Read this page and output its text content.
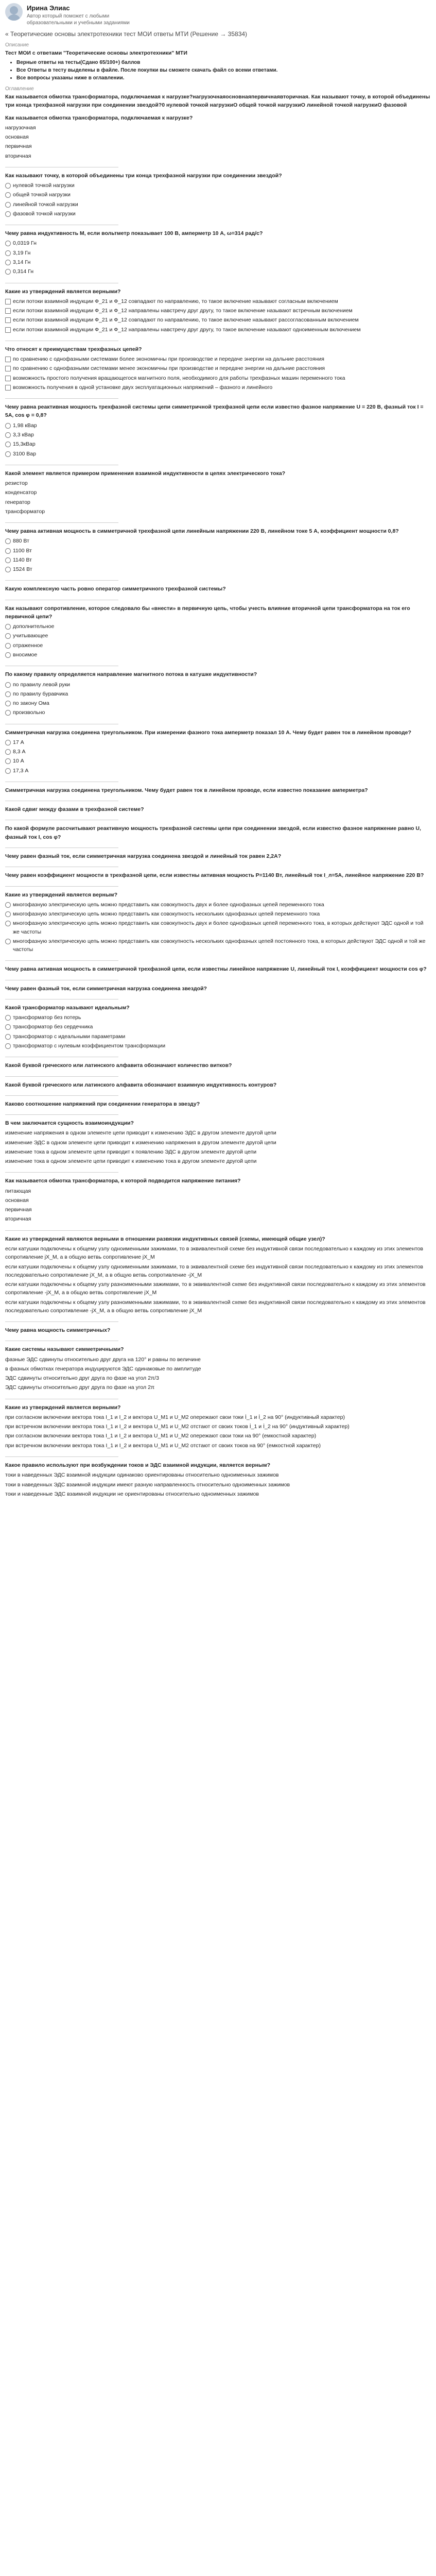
Ирина Элиас
Автор который поможет с любыми образовательными и учебными заданиями
« Теоретические основы электротехники тест МОИ ответы МТИ (Решение → 35834)
Описание
Тест МОИ с ответами "Теоретические основы электротехники" МТИ
• Верные ответы на тесты(Сдано 65/100+) баллов
• Все Ответы в тесту выделены в файле. После покупки вы сможете скачать файл со всеми ответами.
• Все вопросы указаны ниже в оглавлении.
Оглавление
Как называется обмотка трансформатора, подключаемая к нагрузке?нагрузочнаяосновнаяпервичнаявторичная. Как называют точку, в которой объединены три конца трехфазной нагрузки при соединении звездой?0 нулевой точкой нагрузкиО общей точкой нагрузкиО линейной точкой нагрузкиО фазовой
Как называется обмотка трансформатора, подключаемая к нагрузке?
нагрузочная
основная
первичная
вторичная
Как называют точку, в которой объединены три конца трехфазной нагрузки при соединении звездой?
нулевой точкой нагрузки
общей точкой нагрузки
линейной точкой нагрузки
фазовой точкой нагрузки
Чему равна индуктивность М, если вольтметр показывает 100 В, амперметр 10 А, ω=314 рад/с?
0,0319 Гн
3,19 Гн
3,14 Гн
0,314 Гн
Какие из утверждений является верными?
если потоки взаимной индукции Ф_21 и Ф_12 совпадают по направлению, то такое включение называют согласным включением
если потоки взаимной индукции Ф_21 и Ф_12 направлены навстречу друг другу, то такое включение называют встречным включением
если потоки взаимной индукции Ф_21 и Ф_12 совпадают по направлению, то такое включение называют рассогласованным включением
если потоки взаимной индукции Ф_21 и Ф_12 направлены навстречу друг другу, то такое включение называют одноименным включением
Что относят к преимуществам трехфазных цепей?
по сравнению с однофазными системами более экономичны при производстве и передаче энергии на дальние расстояния
по сравнению с однофазными системами менее экономичны при производстве и передаче энергии на дальние расстояния
возможность простого получения вращающегося магнитного поля, необходимого для работы трехфазных машин переменного тока
возможность получения в одной установке двух эксплуатационных напряжений – фазного и линейного
Чему равна реактивная мощность трехфазной системы цепи симметричной трехфазной цепи если известно фазное напряжение U = 220 В, фазный ток I = 5А, cos φ = 0,8?
1,98 кВар
3,3 кВар
15,3кВар
3100 Вар
Какой элемент является примером применения взаимной индуктивности в цепях электрического тока?
резистор
конденсатор
генератор
трансформатор
Чему равна активная мощность в симметричной трехфазной цепи линейным напряжении 220 В, линейном токе 5 А, коэффициент мощности 0,8?
880 Вт
1100 Вт
1140 Вт
1524 Вт
Какую комплексную часть ровно оператор симметричного трехфазной системы?
Как называют сопротивление, которое следовало бы «внести» в первичную цепь, чтобы учесть влияние вторичной цепи трансформатора на ток его первичной цепи?
дополнительное
учитывающее
отраженное
вносимое
По какому правилу определяется направление магнитного потока в катушке индуктивности?
по правилу левой руки
по правилу буравчика
по закону Ома
произвольно
Симметричная нагрузка соединена треугольником. При измерении фазного тока амперметр показал 10 А. Чему будет равен ток в линейном проводе?
17 А
8,3 А
10 А
17,3 А
Симметричная нагрузка соединена треугольником. Чему будет равен ток в линейном проводе, если известно показание амперметра?
Какой сдвиг между фазами в трехфазной системе?
По какой формуле рассчитывают реактивную мощность трехфазной системы цепи при соединении звездой, если известно фазное напряжение равно U, фазный ток I, cos φ?
Чему равен фазный ток, если симметричная нагрузка соединена звездой и линейный ток равен 2,2А?
Чему равен коэффициент мощности в трехфазной цепи, если известны активная мощность P=1140 Вт, линейный ток I_л=5А, линейное напряжение 220 В?
Какие из утверждений является верным?
многофазную электрическую цепь можно представить как совокупность двух и более однофазных цепей переменного тока
многофазную электрическую цепь можно представить как совокупность нескольких однофазных цепей переменного тока
многофазную электрическую цепь можно представить как совокупность двух и более однофазных цепей переменного тока, в которых действуют ЭДС одной и той же частоты
многофазную электрическую цепь можно представить как совокупность нескольких однофазных цепей постоянного тока, в которых действуют ЭДС одной и той же частоты
Чему равна активная мощность в симметричной трехфазной цепи, если известны линейное напряжение U, линейный ток I, коэффициент мощности cos φ?
Чему равен фазный ток, если симметричная нагрузка соединена звездой?
Какой трансформатор называют идеальным?
трансформатор без потерь
трансформатор без сердечника
трансформатор с идеальными параметрами
трансформатор с нулевым коэффициентом трансформации
Какой буквой греческого или латинского алфавита обозначают количество витков?
Какой буквой греческого или латинского алфавита обозначают взаимную индуктивность контуров?
Каково соотношение напряжений при соединении генератора в звезду?
В чем заключается сущность взаимоиндукции?
изменение напряжения в одном элементе цепи приводит к изменению ЭДС в другом элементе другой цепи
изменение ЭДС в одном элементе цепи приводит к изменению напряжения в другом элементе другой цепи
изменение тока в одном элементе цепи приводит к появлению ЭДС в другом элементе другой цепи
изменение тока в одном элементе цепи приводит к изменению тока в другом элементе другой цепи
Как называется обмотка трансформатора, к которой подводится напряжение питания?
питающая
основная
первичная
вторичная
Какие из утверждений являются верными в отношении развязки индуктивных связей (схемы, имеющей общие узел)?
если катушки подключены к общему узлу одноименными зажимами, то в эквивалентной схеме без индуктивной связи последовательно к каждому из этих элементов сопротивление jX_M, а в общую ветвь сопротивление jX_M
если катушки подключены к общему узлу одноименными зажимами, то в эквивалентной схеме без индуктивной связи последовательно к каждому из этих элементов последовательно сопротивление jX_M, а в общую ветвь сопротивление -jX_M
если катушки подключены к общему узлу разноименными зажимами, то в эквивалентной схеме без индуктивной связи последовательно к каждому из этих элементов сопротивление -jX_M, а в общую ветвь сопротивление jX_M
если катушки подключены к общему узлу разноименными зажимами, то в эквивалентной схеме без индуктивной связи последовательно к каждому из этих элементов последовательно сопротивление -jX_M, а в общую ветвь сопротивление jX_M
Чему равна мощность симметричных?
Какие системы называют симметричными?
фазные ЭДС сдвинуты относительно друг друга на 120° и равны по величине
в фазных обмотках генератора индуцируются ЭДС одинаковые по амплитуде
ЭДС сдвинуты относительно друг друга по фазе на угол 2π/3
ЭДС сдвинуты относительно друг друга по фазе на угол 2π
Какие из утверждений является верными?
при согласном включении вектора тока I_1 и I_2 и вектора U_M1 и U_M2 опережают свои токи İ_1 и İ_2 на 90° (индуктивный характер)
при встречном включении вектора тока I_1 и I_2 и вектора U_M1 и U_M2 отстают от своих токов İ_1 и İ_2 на 90° (индуктивный характер)
при согласном включении вектора тока I_1 и I_2 и вектора U_M1 и U_M2 опережают свои токи на 90° (емкостной характер)
при встречном включении вектора тока I_1 и I_2 и вектора U_M1 и U_M2 отстают от своих токов на 90° (емкостной характер)
Какое правило используют при возбуждении токов и ЭДС взаимной индукции, является верным?
токи в наведенных ЭДС взаимной индукции одинаково ориентированы относительно одноименных зажимов
токи в наведенных ЭДС взаимной индукции имеют разную направленность относительно одноименных зажимов
токи и наведенные ЭДС взаимной индукции не ориентированы относительно одноименных зажимов
